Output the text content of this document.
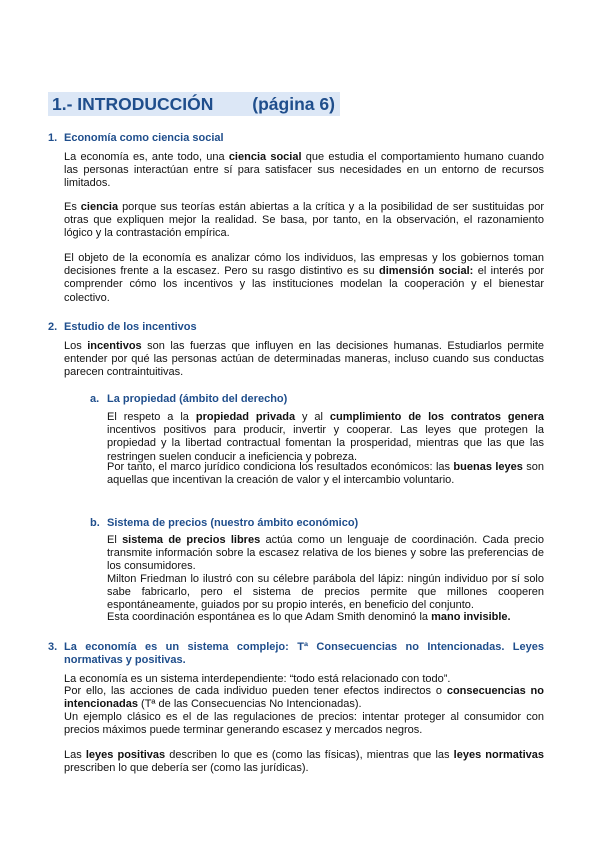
1.- INTRODUCCIÓN        (página 6)
1. Economía como ciencia social
La economía es, ante todo, una ciencia social que estudia el comportamiento humano cuando las personas interactúan entre sí para satisfacer sus necesidades en un entorno de recursos limitados.
Es ciencia porque sus teorías están abiertas a la crítica y a la posibilidad de ser sustituidas por otras que expliquen mejor la realidad. Se basa, por tanto, en la observación, el razonamiento lógico y la contrastación empírica.
El objeto de la economía es analizar cómo los individuos, las empresas y los gobiernos toman decisiones frente a la escasez. Pero su rasgo distintivo es su dimensión social: el interés por comprender cómo los incentivos y las instituciones modelan la cooperación y el bienestar colectivo.
2. Estudio de los incentivos
Los incentivos son las fuerzas que influyen en las decisiones humanas. Estudiarlos permite entender por qué las personas actúan de determinadas maneras, incluso cuando sus conductas parecen contraintuitivas.
a. La propiedad (ámbito del derecho)
El respeto a la propiedad privada y al cumplimiento de los contratos genera incentivos positivos para producir, invertir y cooperar. Las leyes que protegen la propiedad y la libertad contractual fomentan la prosperidad, mientras que las que las restringen suelen conducir a ineficiencia y pobreza.
Por tanto, el marco jurídico condiciona los resultados económicos: las buenas leyes son aquellas que incentivan la creación de valor y el intercambio voluntario.
b. Sistema de precios (nuestro ámbito económico)
El sistema de precios libres actúa como un lenguaje de coordinación. Cada precio transmite información sobre la escasez relativa de los bienes y sobre las preferencias de los consumidores.
Milton Friedman lo ilustró con su célebre parábola del lápiz: ningún individuo por sí solo sabe fabricarlo, pero el sistema de precios permite que millones cooperen espontáneamente, guiados por su propio interés, en beneficio del conjunto.
Esta coordinación espontánea es lo que Adam Smith denominó la mano invisible.
3. La economía es un sistema complejo: Tª Consecuencias no Intencionadas. Leyes normativas y positivas.
La economía es un sistema interdependiente: “todo está relacionado con todo”.
Por ello, las acciones de cada individuo pueden tener efectos indirectos o consecuencias no intencionadas (Tª de las Consecuencias No Intencionadas).
Un ejemplo clásico es el de las regulaciones de precios: intentar proteger al consumidor con precios máximos puede terminar generando escasez y mercados negros.
Las leyes positivas describen lo que es (como las físicas), mientras que las leyes normativas prescriben lo que debería ser (como las jurídicas).
